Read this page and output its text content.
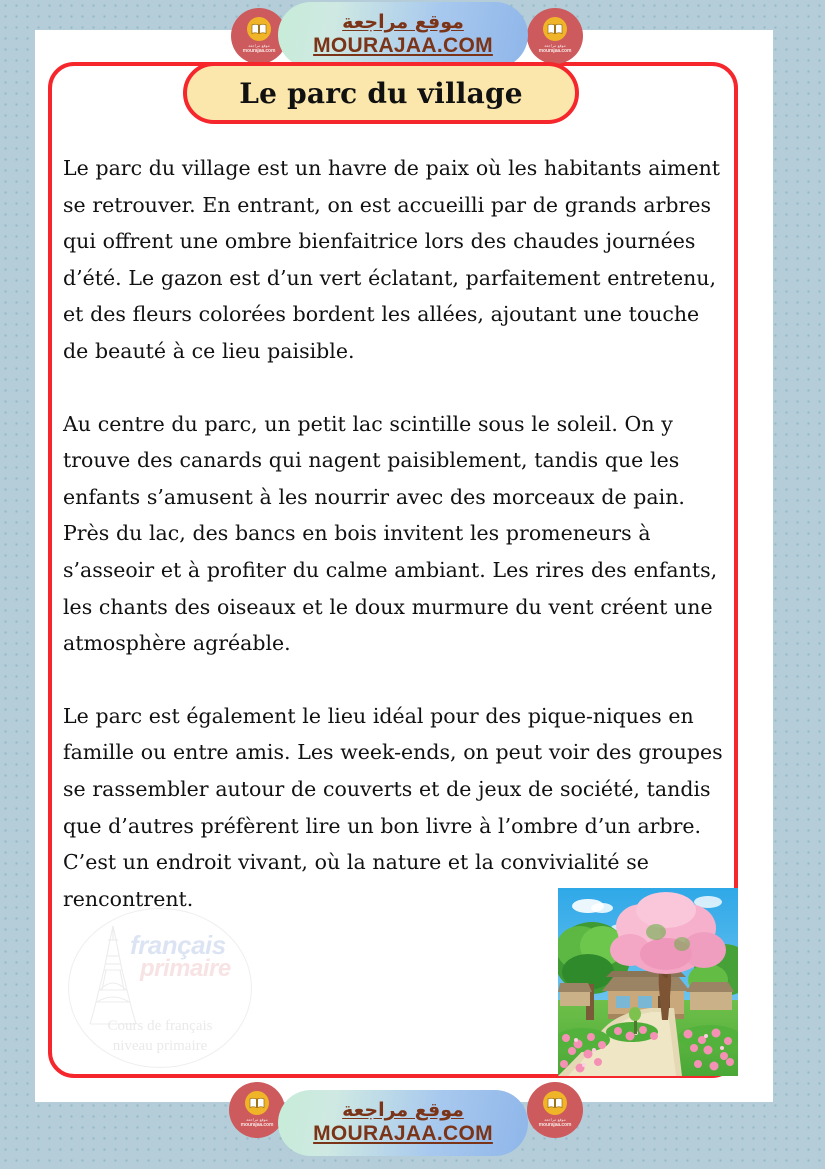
Le parc du village est un havre de paix où les habitants aiment se retrouver. En entrant, on est accueilli par de grands arbres qui offrent une ombre bienfaitrice lors des chaudes journées d’été. Le gazon est d’un vert éclatant, parfaitement entretenu, et des fleurs colorées bordent les allées, ajoutant une touche de beauté à ce lieu paisible.

Au centre du parc, un petit lac scintille sous le soleil. On y trouve des canards qui nagent paisiblement, tandis que les enfants s’amusent à les nourrir avec des morceaux de pain. Près du lac, des bancs en bois invitent les promeneurs à s’asseoir et à profiter du calme ambiant. Les rires des enfants, les chants des oiseaux et le doux murmure du vent créent une atmosphère agréable.

Le parc est également le lieu idéal pour des pique-niques en famille ou entre amis. Les week-ends, on peut voir des groupes se rassembler autour de couverts et de jeux de société, tandis que d’autres préfèrent lire un bon livre à l’ombre d’un arbre. C’est un endroit vivant, où la nature et la convivialité se rencontrent.

français
primaire
Cours de français
niveau primaire
Le parc du village
موقع مراجعة
MOURAJAA.COM
موقع مراجعة
mourajaa.com
موقع مراجعة
mourajaa.com
موقع مراجعة
MOURAJAA.COM
موقع مراجعة
mourajaa.com
موقع مراجعة
mourajaa.com
